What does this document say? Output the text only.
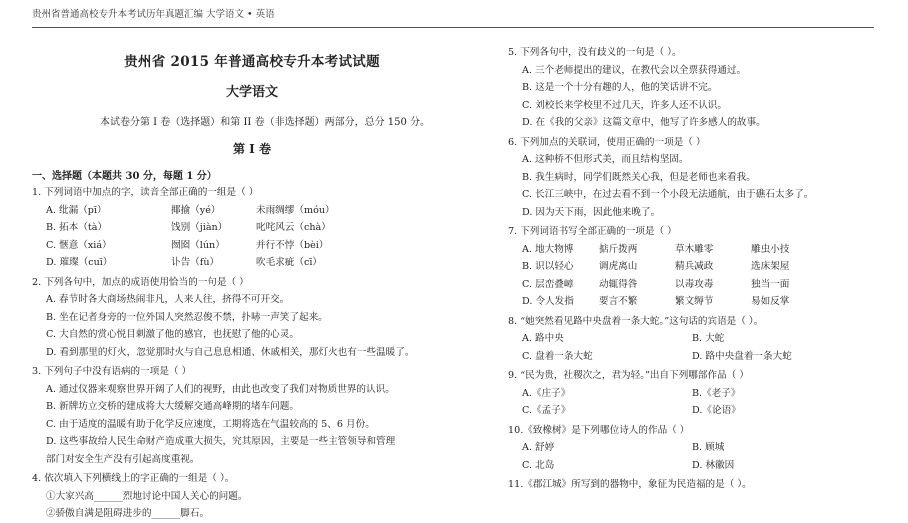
贵州省普通高校专升本考试历年真题汇编 大学语文 • 英语
贵州省 2015 年普通高校专升本考试试题
大学语文
本试卷分第 I 卷（选择题）和第 II 卷（非选择题）两部分，总分 150 分。
第 I 卷
一、选择题（本题共 30 分，每题 1 分）
1. 下列词语中加点的字，读音全部正确的一组是（ ）
A. 纰漏（pī）	揶揄（yé）	未雨绸缪（móu）
B. 拓本（tà）	饯别（jiàn）	叱咤风云（chà）
C. 惬意（xiá）	囫囵（lún）	并行不悖（bèi）
D. 璀璨（cuī）	讣告（fù）	吹毛求疵（cī）
2. 下列各句中，加点的成语使用恰当的一句是（ ）
A. 春节时各大商场热闹非凡，人来人往，挤得不可开交。
B. 坐在记者身旁的一位外国人突然忍俊不禁，扑哧一声笑了起来。
C. 大自然的赏心悦目刺激了他的感官，也抚慰了他的心灵。
D. 看到那里的灯火，忽觉那时火与自己息息相通、休戚相关，那灯火也有一些温暖了。
3. 下列句子中没有语病的一项是（ ）
A. 通过仪器来观察世界开阔了人们的视野，由此也改变了我们对物质世界的认识。
B. 新牌坊立交桥的建成将大大缓解交通高峰期的堵车问题。
C. 由于适度的温暖有助于化学反应速度，工期将选在气温较高的 5、6 月份。
D. 这些事故给人民生命财产造成重大损失，究其原因，主要是一些主管领导和管理
部门对安全生产没有引起高度重视。
4. 依次填入下列横线上的字正确的一组是（ ）。
①大家兴高______烈地讨论中国人关心的问题。
②骄傲自满是阻碍进步的______脚石。
5. 下列各句中，没有歧义的一句是（ ）。
A. 三个老师提出的建议，在教代会以全票获得通过。
B. 这是一个十分有趣的人，他的笑话讲不完。
C. 刘校长来学校里不过几天，许多人还不认识。
D. 在《我的父亲》这篇文章中，他写了许多感人的故事。
6. 下列加点的关联词，使用正确的一项是（ ）
A. 这种桥不但形式美，而且结构坚固。
B. 我生病时，同学们既然关心我，但是老师也来看我。
C. 长江三峡中，在过去看不到一个小段无法通航，由于礁石太多了。
D. 因为天下雨，因此他来晚了。
7. 下列词语书写全部正确的一项是（ ）
A. 地大物博	掂斤拨两	草木雕零	雕虫小技
B. 识以轻心	调虎离山	精兵减政	选床架屋
C. 层峦叠嶂	动辄得咎	以毒攻毒	独当一面
D. 令人发指	要言不繁	繁文缛节	易如反掌
8. “她突然看见路中央盘着一条大蛇。”这句话的宾语是（ ）。
A. 路中央	B. 大蛇
C. 盘着一条大蛇	D. 路中央盘着一条大蛇
9. “民为贵，社稷次之，君为轻。”出自下列哪部作品（ ）
A.《庄子》	B.《老子》
C.《孟子》	D.《论语》
10.《致橡树》是下列哪位诗人的作品（ ）
A. 舒婷	B. 顾城
C. 北岛	D. 林徽因
11.《郡江城》所写到的器物中，象征为民造福的是（ ）。
